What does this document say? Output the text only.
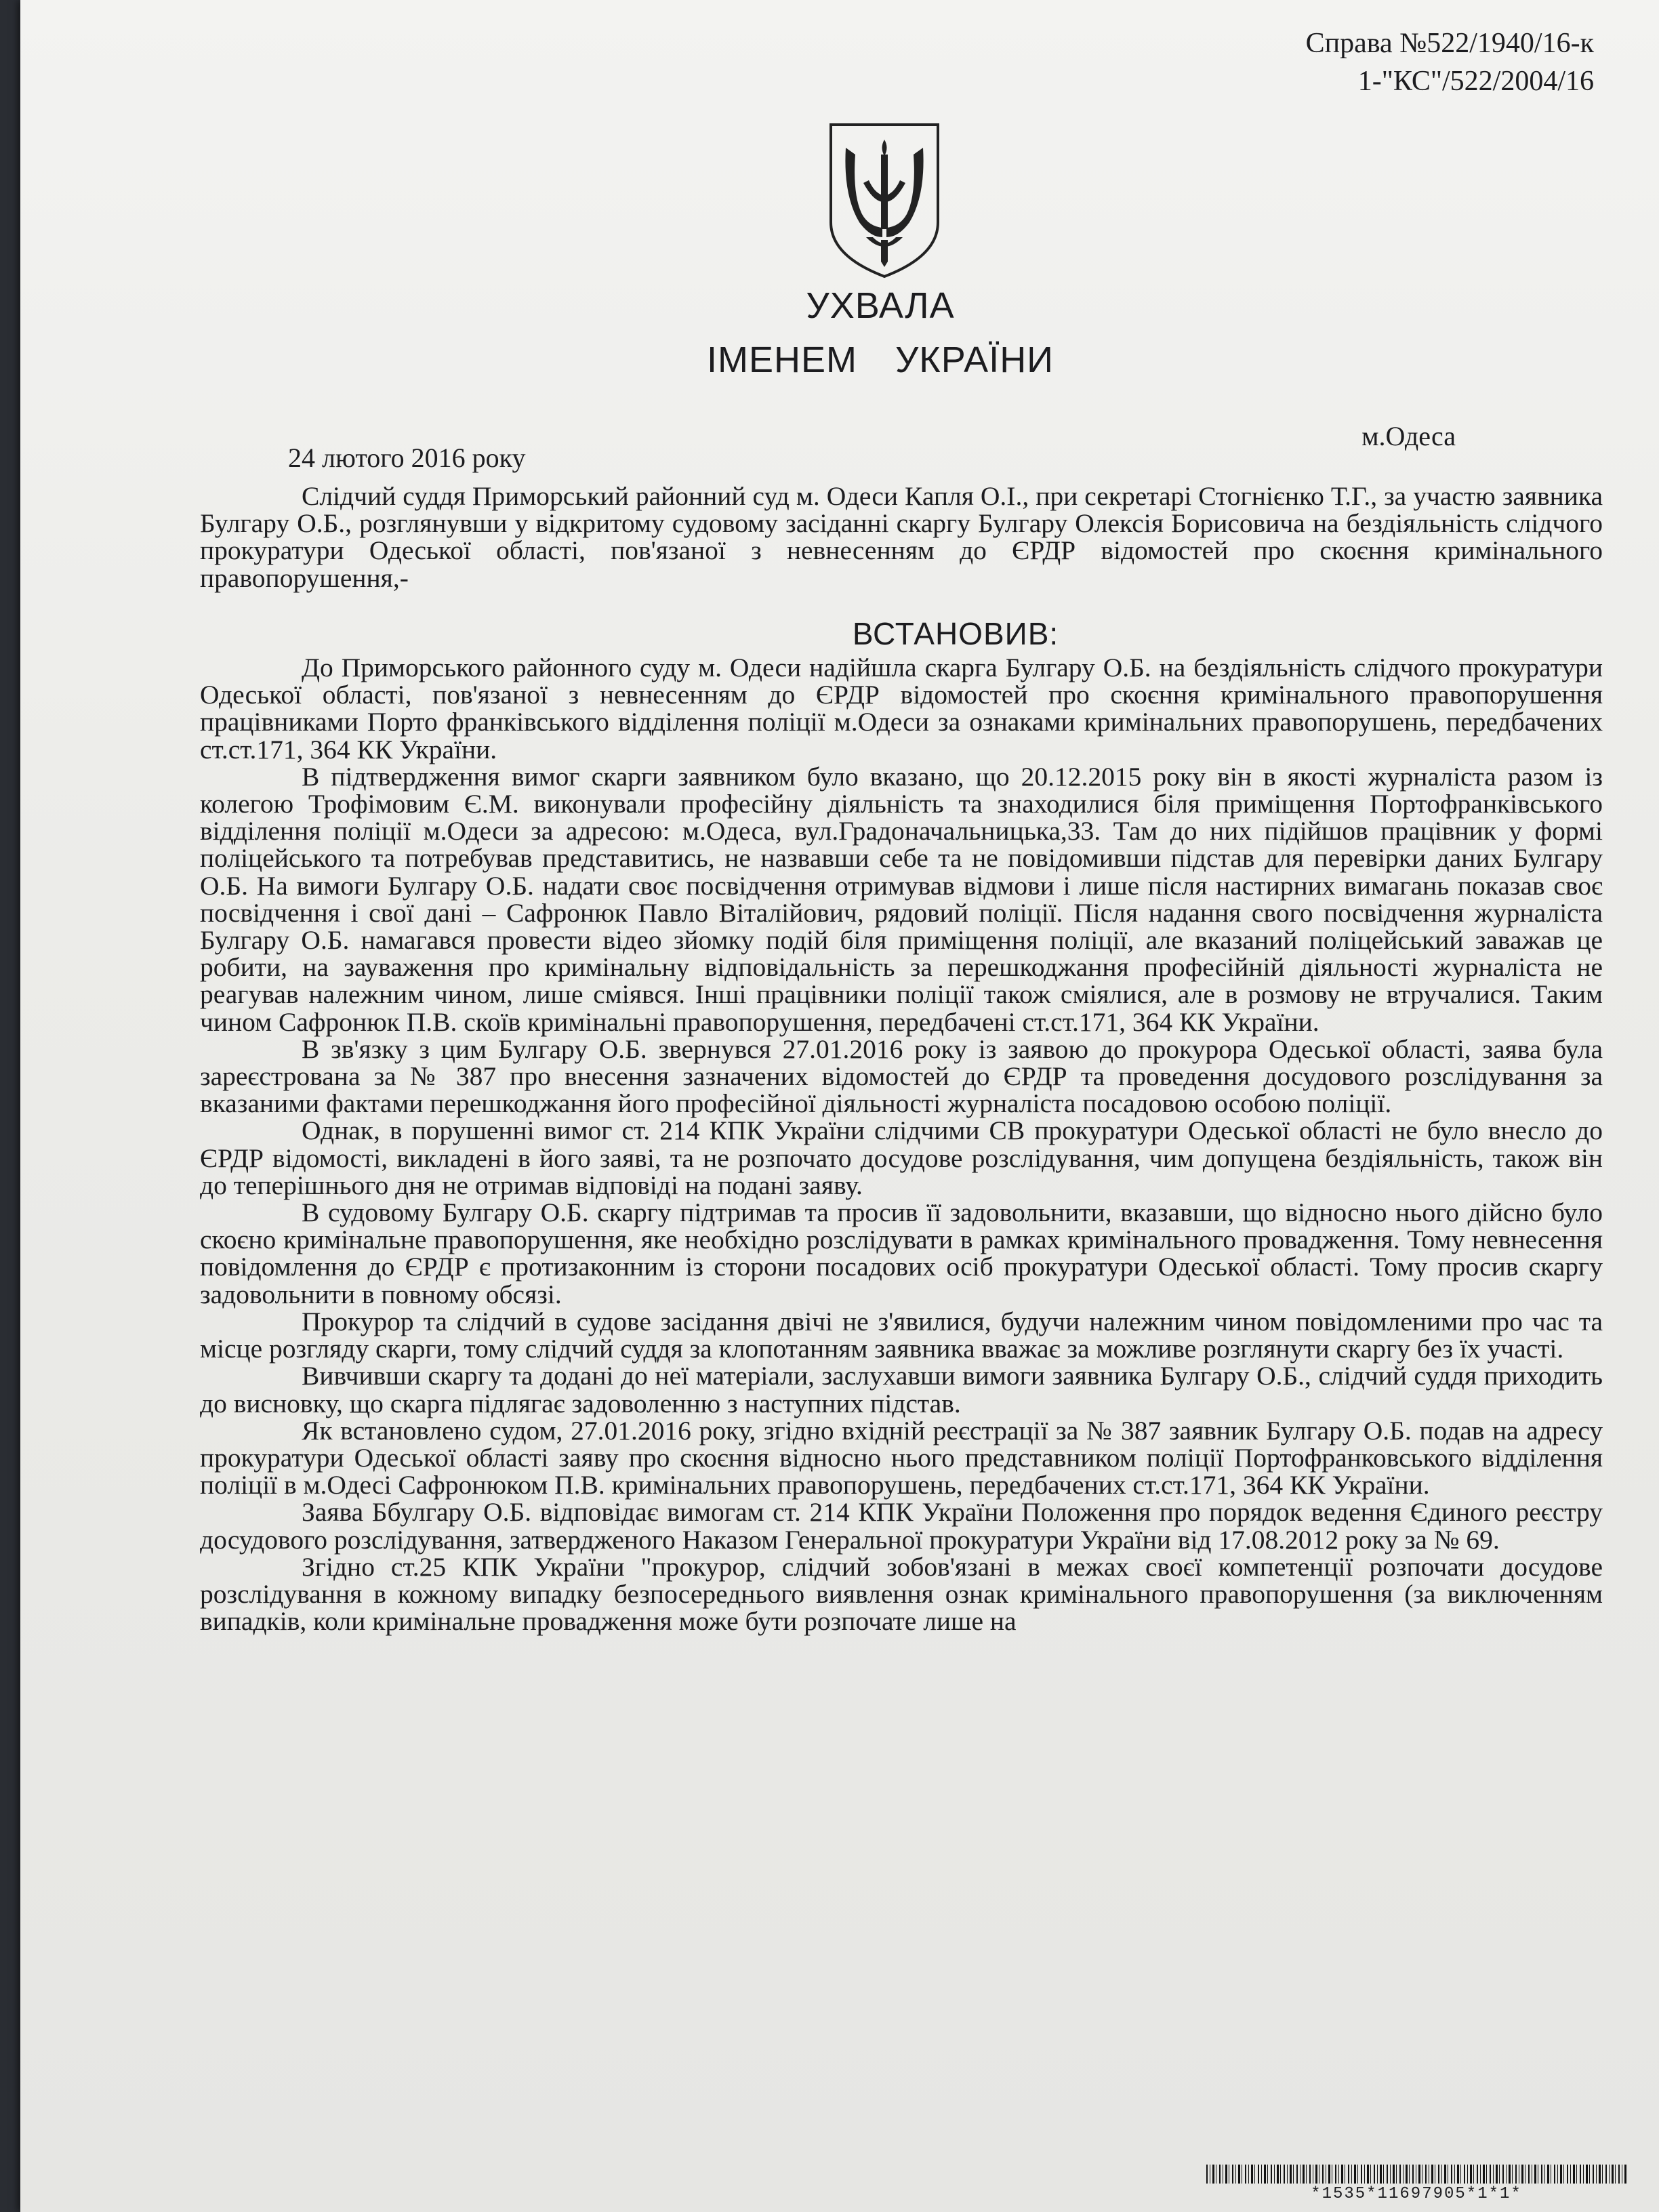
Справа №522/1940/16-к
1-"КС"/522/2004/16
УХВАЛА
ІМЕНЕМ УКРАЇНИ
м.Одеса
24 лютого 2016 року

Слідчий суддя Приморський районний суд м. Одеси Капля О.І., при секретарі Стогнієнко Т.Г., за участю заявника Булгару О.Б., розглянувши у відкритому судовому засіданні скаргу Булгару Олексія Борисовича на бездіяльність слідчого прокуратури Одеської області, пов'язаної з невнесенням до ЄРДР відомостей про скоєння кримінального правопорушення,-

ВСТАНОВИВ:

До Приморського районного суду м. Одеси надійшла скарга Булгару О.Б. на бездіяльність слідчого прокуратури Одеської області, пов'язаної з невнесенням до ЄРДР відомостей про скоєння кримінального правопорушення працівниками Порто франківського відділення поліції м.Одеси за ознаками кримінальних правопорушень, передбачених ст.ст.171, 364 КК України.

В підтвердження вимог скарги заявником було вказано, що 20.12.2015 року він в якості журналіста разом із колегою Трофімовим Є.М. виконували професійну діяльність та знаходилися біля приміщення Портофранківського відділення поліції м.Одеси за адресою: м.Одеса, вул.Градоначальницька,33. Там до них підійшов працівник у формі поліцейського та потребував представитись, не назвавши себе та не повідомивши підстав для перевірки даних Булгару О.Б. На вимоги Булгару О.Б. надати своє посвідчення отримував відмови і лише після настирних вимагань показав своє посвідчення і свої дані – Сафронюк Павло Віталійович, рядовий поліції. Після надання свого посвідчення журналіста Булгару О.Б. намагався провести відео зйомку подій біля приміщення поліції, але вказаний поліцейський заважав це робити, на зауваження про кримінальну відповідальність за перешкоджання професійній діяльності журналіста не реагував належним чином, лише сміявся. Інші працівники поліції також сміялися, але в розмову не втручалися. Таким чином Сафронюк П.В. скоїв кримінальні правопорушення, передбачені ст.ст.171, 364 КК України.

В зв'язку з цим Булгару О.Б. звернувся 27.01.2016 року із заявою до прокурора Одеської області, заява була зареєстрована за № 387 про внесення зазначених відомостей до ЄРДР та проведення досудового розслідування за вказаними фактами перешкоджання його професійної діяльності журналіста посадовою особою поліції.

Однак, в порушенні вимог ст. 214 КПК України слідчими СВ прокуратури Одеської області не було внесло до ЄРДР відомості, викладені в його заяві, та не розпочато досудове розслідування, чим допущена бездіяльність, також він до теперішнього дня не отримав відповіді на подані заяву.

В судовому Булгару О.Б. скаргу підтримав та просив її задовольнити, вказавши, що відносно нього дійсно було скоєно кримінальне правопорушення, яке необхідно розслідувати в рамках кримінального провадження. Тому невнесення повідомлення до ЄРДР є протизаконним із сторони посадових осіб прокуратури Одеської області. Тому просив скаргу задовольнити в повному обсязі.

Прокурор та слідчий в судове засідання двічі не з'явилися, будучи належним чином повідомленими про час та місце розгляду скарги, тому слідчий суддя за клопотанням заявника вважає за можливе розглянути скаргу без їх участі.

Вивчивши скаргу та додані до неї матеріали, заслухавши вимоги заявника Булгару О.Б., слідчий суддя приходить до висновку, що скарга підлягає задоволенню з наступних підстав.

Як встановлено судом, 27.01.2016 року, згідно вхідній реєстрації за № 387 заявник Булгару О.Б. подав на адресу прокуратури Одеської області заяву про скоєння відносно нього представником поліції Портофранковського відділення поліції в м.Одесі Сафронюком П.В. кримінальних правопорушень, передбачених ст.ст.171, 364 КК України.

Заява Ббулгару О.Б. відповідає вимогам ст. 214 КПК України Положення про порядок ведення Єдиного реєстру досудового розслідування, затвердженого Наказом Генеральної прокуратури України від 17.08.2012 року за № 69.

Згідно ст.25 КПК України "прокурор, слідчий зобов'язані в межах своєї компетенції розпочати досудове розслідування в кожному випадку безпосереднього виявлення ознак кримінального правопорушення (за виключенням випадків, коли кримінальне провадження може бути розпочате лише на

*1535*11697905*1*1*
